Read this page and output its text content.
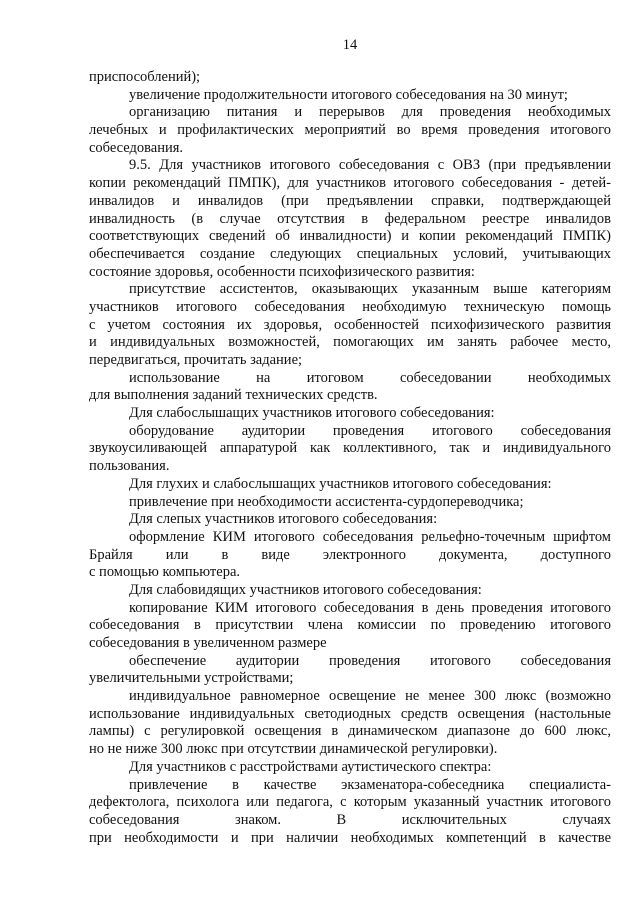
14
приспособлений);
увеличение продолжительности итогового собеседования на 30 минут;
организацию питания и перерывов для проведения необходимых
лечебных и профилактических мероприятий во время проведения итогового
собеседования.
9.5. Для участников итогового собеседования с ОВЗ (при предъявлении
копии рекомендаций ПМПК), для участников итогового собеседования - детей-
инвалидов и инвалидов (при предъявлении справки, подтверждающей
инвалидность (в случае отсутствия в федеральном реестре инвалидов
соответствующих сведений об инвалидности) и копии рекомендаций ПМПК)
обеспечивается создание следующих специальных условий, учитывающих
состояние здоровья, особенности психофизического развития:
присутствие ассистентов, оказывающих указанным выше категориям
участников итогового собеседования необходимую техническую помощь
с учетом состояния их здоровья, особенностей психофизического развития
и индивидуальных возможностей, помогающих им занять рабочее место,
передвигаться, прочитать задание;
использование на итоговом собеседовании необходимых
для выполнения заданий технических средств.
Для слабослышащих участников итогового собеседования:
оборудование аудитории проведения итогового собеседования
звукоусиливающей аппаратурой как коллективного, так и индивидуального
пользования.
Для глухих и слабослышащих участников итогового собеседования:
привлечение при необходимости ассистента-сурдопереводчика;
Для слепых участников итогового собеседования:
оформление КИМ итогового собеседования рельефно-точечным шрифтом
Брайля или в виде электронного документа, доступного
с помощью компьютера.
Для слабовидящих участников итогового собеседования:
копирование КИМ итогового собеседования в день проведения итогового
собеседования в присутствии члена комиссии по проведению итогового
собеседования в увеличенном размере
обеспечение аудитории проведения итогового собеседования
увеличительными устройствами;
индивидуальное равномерное освещение не менее 300 люкс (возможно
использование индивидуальных светодиодных средств освещения (настольные
лампы) с регулировкой освещения в динамическом диапазоне до 600 люкс,
но не ниже 300 люкс при отсутствии динамической регулировки).
Для участников с расстройствами аутистического спектра:
привлечение в качестве экзаменатора-собеседника специалиста-
дефектолога, психолога или педагога, с которым указанный участник итогового
собеседования знаком. В исключительных случаях
при необходимости и при наличии необходимых компетенций в качестве
